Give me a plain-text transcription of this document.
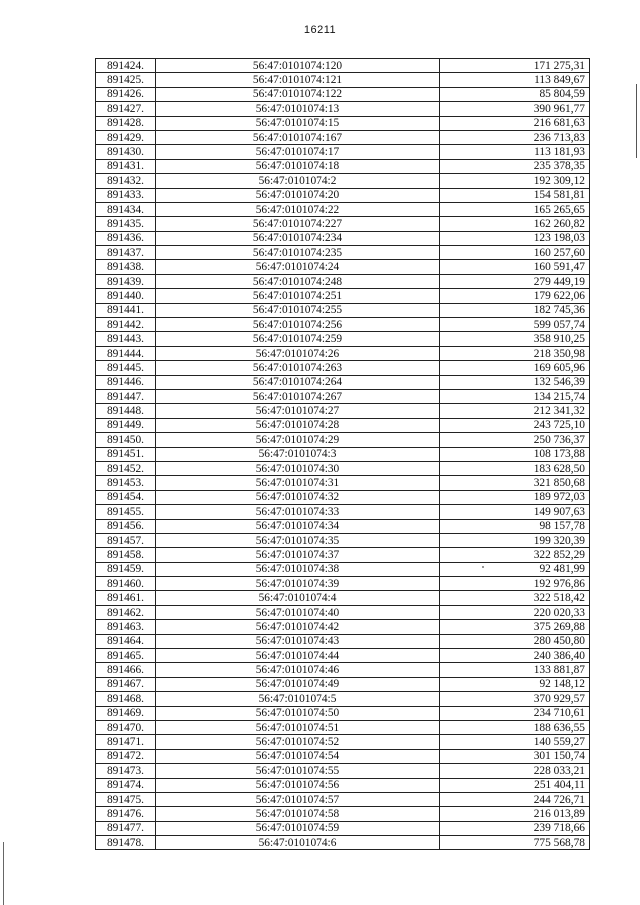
16211
891424.	56:47:0101074:120	171 275,31
891425.	56:47:0101074:121	113 849,67
891426.	56:47:0101074:122	85 804,59
891427.	56:47:0101074:13	390 961,77
891428.	56:47:0101074:15	216 681,63
891429.	56:47:0101074:167	236 713,83
891430.	56:47:0101074:17	113 181,93
891431.	56:47:0101074:18	235 378,35
891432.	56:47:0101074:2	192 309,12
891433.	56:47:0101074:20	154 581,81
891434.	56:47:0101074:22	165 265,65
891435.	56:47:0101074:227	162 260,82
891436.	56:47:0101074:234	123 198,03
891437.	56:47:0101074:235	160 257,60
891438.	56:47:0101074:24	160 591,47
891439.	56:47:0101074:248	279 449,19
891440.	56:47:0101074:251	179 622,06
891441.	56:47:0101074:255	182 745,36
891442.	56:47:0101074:256	599 057,74
891443.	56:47:0101074:259	358 910,25
891444.	56:47:0101074:26	218 350,98
891445.	56:47:0101074:263	169 605,96
891446.	56:47:0101074:264	132 546,39
891447.	56:47:0101074:267	134 215,74
891448.	56:47:0101074:27	212 341,32
891449.	56:47:0101074:28	243 725,10
891450.	56:47:0101074:29	250 736,37
891451.	56:47:0101074:3	108 173,88
891452.	56:47:0101074:30	183 628,50
891453.	56:47:0101074:31	321 850,68
891454.	56:47:0101074:32	189 972,03
891455.	56:47:0101074:33	149 907,63
891456.	56:47:0101074:34	98 157,78
891457.	56:47:0101074:35	199 320,39
891458.	56:47:0101074:37	322 852,29
891459.	56:47:0101074:38	92 481,99
891460.	56:47:0101074:39	192 976,86
891461.	56:47:0101074:4	322 518,42
891462.	56:47:0101074:40	220 020,33
891463.	56:47:0101074:42	375 269,88
891464.	56:47:0101074:43	280 450,80
891465.	56:47:0101074:44	240 386,40
891466.	56:47:0101074:46	133 881,87
891467.	56:47:0101074:49	92 148,12
891468.	56:47:0101074:5	370 929,57
891469.	56:47:0101074:50	234 710,61
891470.	56:47:0101074:51	188 636,55
891471.	56:47:0101074:52	140 559,27
891472.	56:47:0101074:54	301 150,74
891473.	56:47:0101074:55	228 033,21
891474.	56:47:0101074:56	251 404,11
891475.	56:47:0101074:57	244 726,71
891476.	56:47:0101074:58	216 013,89
891477.	56:47:0101074:59	239 718,66
891478.	56:47:0101074:6	775 568,78
